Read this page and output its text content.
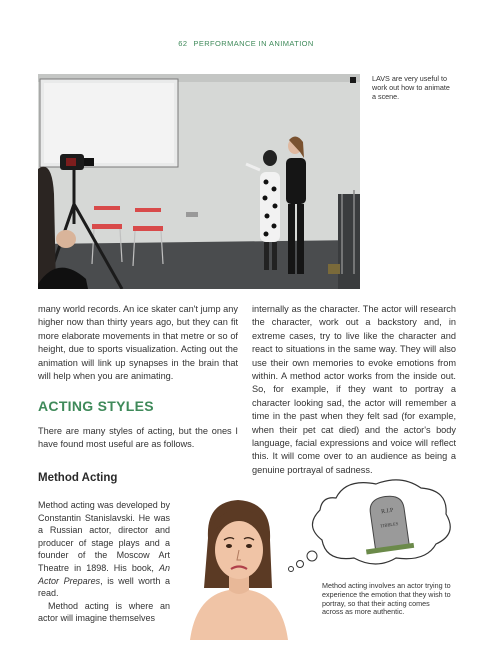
62 PERFORMANCE IN ANIMATION
LAVS are very useful to work out how to animate a scene.

many world records. An ice skater can't jump any higher now than thirty years ago, but they can fit more elaborate movements in that metre or so of height, due to sports visualization. Acting out the animation will link up synapses in the brain that will help when you are animating.

ACTING STYLES

There are many styles of acting, but the ones I have found most useful are as follows.

Method Acting

Method acting was developed by Constantin Stanislavski. He was a Russian actor, director and producer of stage plays and a founder of the Moscow Art Theatre in 1898. His book, An Actor Prepares, is well worth a read.

Method acting is where an actor will imagine themselves

internally as the character. The actor will research the character, work out a backstory and, in extreme cases, try to live like the character and react to situations in the same way. They will also use their own memories to evoke emotions from within. A method actor works from the inside out. So, for example, if they want to portray a character looking sad, the actor will remember a time in the past when they felt sad (for example, when their pet cat died) and the actor's body language, facial expressions and voice will reflect this. It will come over to an audience as being a genuine portrayal of sadness.

R.I.P
TIBBLES
Method acting involves an actor trying to experience the emotion that they wish to portray, so that their acting comes across as more authentic.
